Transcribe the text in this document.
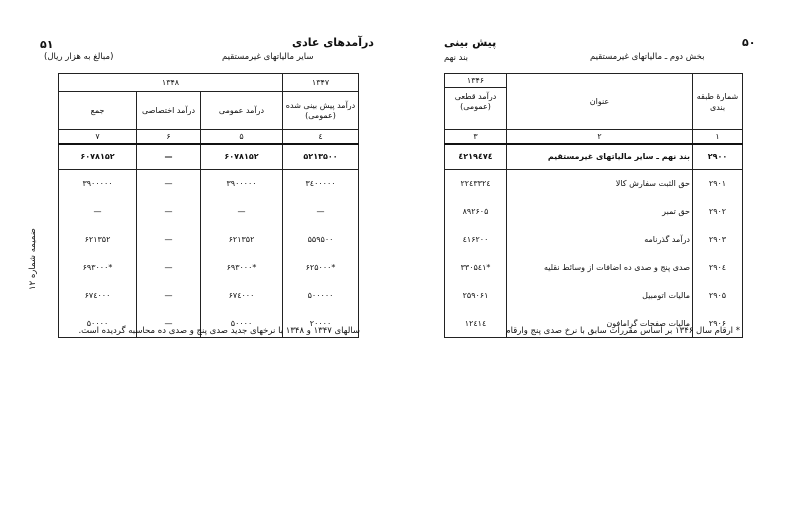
۵۱	درآمدهای عادی
سایر مالیاتهای غیرمستقیم
(مبالغ به هزار ریال)
۱۳۴۸			۱۳۴۷
جمع	درآمد اختصاصی	درآمد عمومی	درآمد پیش بینی شده (عمومی)
۷	۶	۵	٤
۶۰۷۸۱۵۲	—	۶۰۷۸۱۵۲	۵۲۱۳۵۰۰
۳۹۰۰۰۰۰	—	۳۹۰۰۰۰۰	۳٤۰۰۰۰۰
—	—	—	—
۶۲۱۳۵۲	—	۶۲۱۳۵۲	۵۵۹۵۰۰
۶۹۳۰۰۰*	—	۶۹۳۰۰۰*	۶۲۵۰۰۰*
۶۷٤۰۰۰	—	۶۷٤۰۰۰	۵۰۰۰۰۰
۵۰۰۰۰	—	۵۰۰۰۰	۲۰۰۰۰
سالهای ۱۳۴۷ و ۱۳۴۸ با نرخهای جدید صدی پنج و صدی ده محاسبه گردیده است.
ضمیمه شماره ۱۲
۵۰
پیش بینی
بخش دوم ـ مالیاتهای غیرمستقیم
بند نهم
۱۳۴۶
درآمد قطعی (عمومی)	عنوان	شمارهٔ طبقه بندی
۳	۲	۱
٤۲۱۹٤۷٤	بند نهم ـ سایر مالیاتهای غیرمستقیم	۲۹۰۰
۲۲٤۳۳۲٤	حق الثبت سفارش کالا	۲۹۰۱
۸۹۲۶۰۵	حق تمبر	۲۹۰۲
٤۱۶۲۰۰	درآمد گذرنامه	۲۹۰۳
۳۳۰۵٤۱*	صدی پنج و صدی ده اضافات از وسائط نقلیه	۲۹۰٤
۲۵۹۰۶۱	مالیات اتومبیل	۲۹۰۵
۱۲٤۱٤	مالیات صفحات گرامافون	۲۹۰۶
* ارقام سال ۱۳۴۶ بر اساس مقررات سابق با نرخ صدی پنج وارقام
